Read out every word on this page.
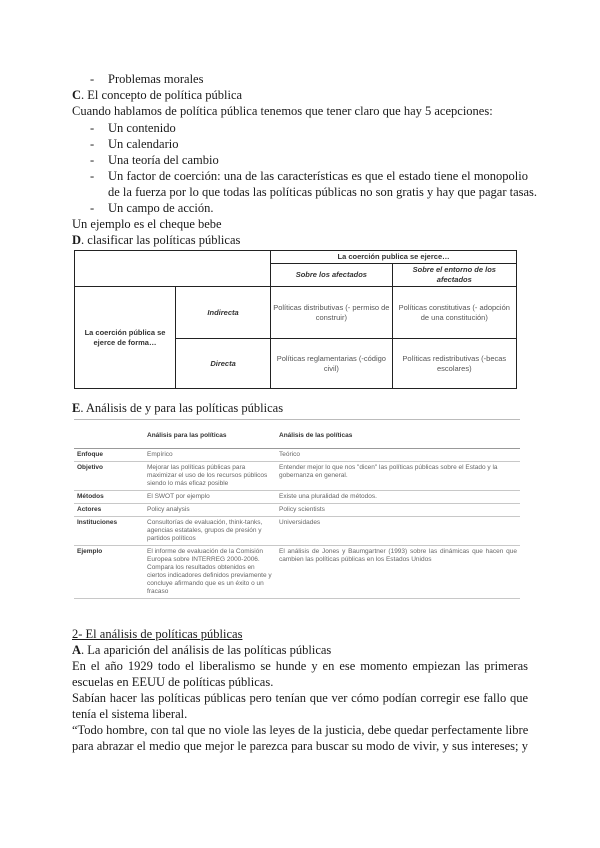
- Problemas morales
C. El concepto de política pública
Cuando hablamos de política pública tenemos que tener claro que hay 5 acepciones:
- Un contenido
- Un calendario
- Una teoría del cambio
- Un factor de coerción: una de las características es que el estado tiene el monopolio
de la fuerza por lo que todas las políticas públicas no son gratis y hay que pagar tasas.
- Un campo de acción.
Un ejemplo es el cheque bebe
D. clasificar las políticas públicas
		La coerción publica se ejerce…	
		Sobre los afectados	Sobre el entorno de los afectados
La coerción pública se ejerce de forma…	Indirecta	Políticas distributivas (- permiso de construir)	Políticas constitutivas (- adopción de una constitución)
	Directa	Políticas reglamentarias (-código civil)	Políticas redistributivas (-becas escolares)
E. Análisis de y para las políticas públicas
	Análisis para las políticas	Análisis de las políticas
Enfoque	Empírico	Teórico
Objetivo	Mejorar las políticas públicas para maximizar el uso de los recursos públicos siendo lo más eficaz posible	Entender mejor lo que nos "dicen" las políticas públicas sobre el Estado y la gobernanza en general.
Métodos	El SWOT por ejemplo	Existe una pluralidad de métodos.
Actores	Policy analysis	Policy scientists
Instituciones	Consultorías de evaluación, think-tanks, agencias estatales, grupos de presión y partidos políticos	Universidades
Ejemplo	El informe de evaluación de la Comisión Europea sobre INTERREG 2000-2006. Compara los resultados obtenidos en ciertos indicadores definidos previamente y concluye afirmando que es un éxito o un fracaso	El análisis de Jones y Baumgartner (1993) sobre las dinámicas que hacen que cambien las políticas públicas en los Estados Unidos
2- El análisis de políticas públicas
A. La aparición del análisis de las políticas públicas
En el año 1929 todo el liberalismo se hunde y en ese momento empiezan las primeras
escuelas en EEUU de políticas públicas.
Sabían hacer las políticas públicas pero tenían que ver cómo podían corregir ese fallo que
tenía el sistema liberal.
“Todo hombre, con tal que no viole las leyes de la justicia, debe quedar perfectamente libre
para abrazar el medio que mejor le parezca para buscar su modo de vivir, y sus intereses; y
